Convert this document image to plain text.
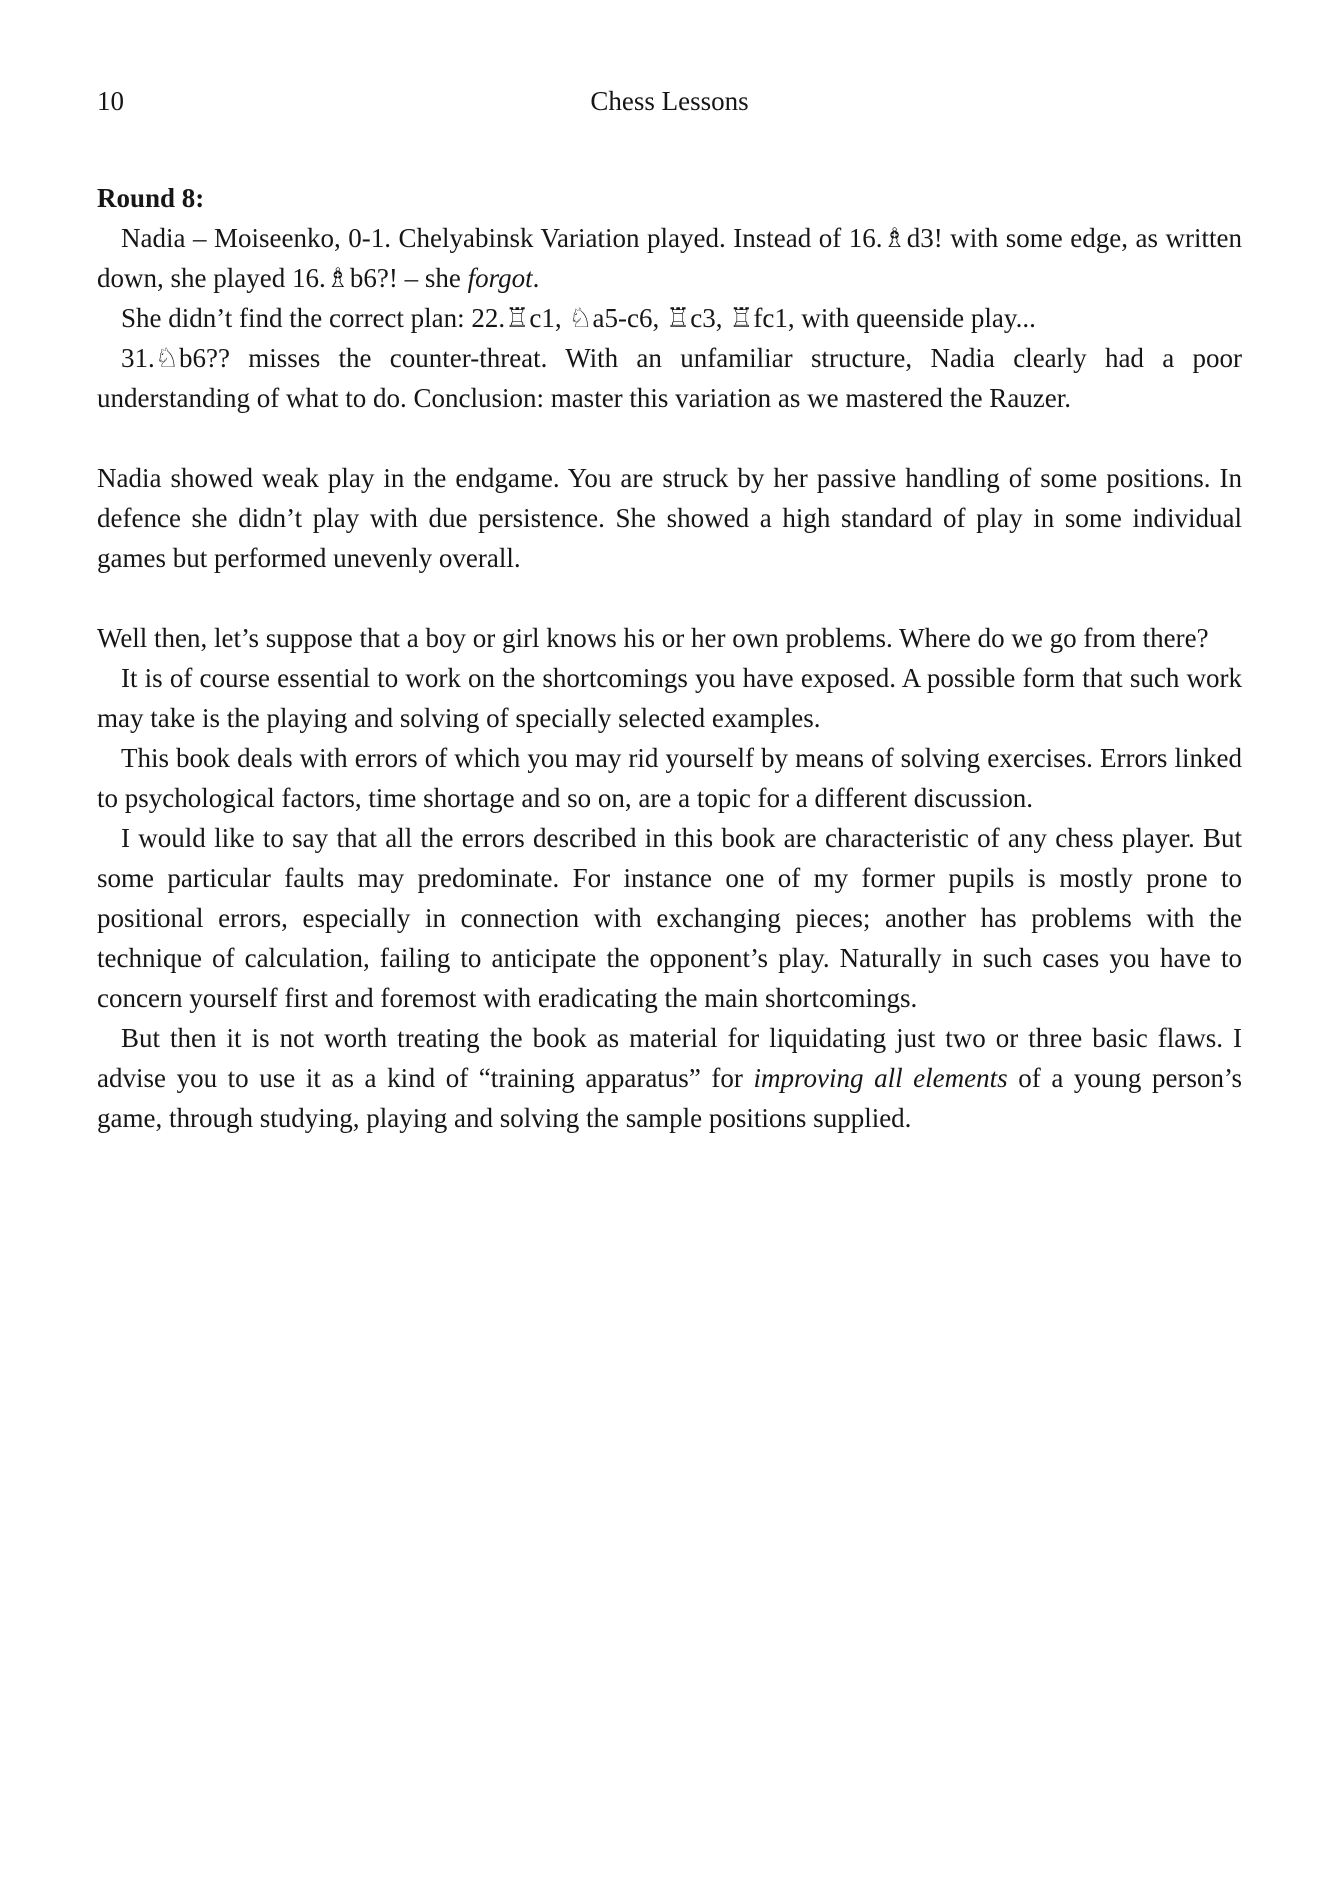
10	Chess Lessons

Round 8:

Nadia – Moiseenko, 0-1. Chelyabinsk Variation played. Instead of 16.♗d3! with some edge, as written down, she played 16.♗b6?! – she forgot.

She didn’t find the correct plan: 22.♖c1, ♘a5-c6, ♖c3, ♖fc1, with queenside play...

31.♘b6?? misses the counter-threat. With an unfamiliar structure, Nadia clearly had a poor understanding of what to do. Conclusion: master this variation as we mastered the Rauzer.

Nadia showed weak play in the endgame. You are struck by her passive handling of some positions. In defence she didn’t play with due persistence. She showed a high standard of play in some individual games but performed unevenly overall.

Well then, let’s suppose that a boy or girl knows his or her own problems. Where do we go from there?

It is of course essential to work on the shortcomings you have exposed. A possible form that such work may take is the playing and solving of specially selected examples.

This book deals with errors of which you may rid yourself by means of solving exercises. Errors linked to psychological factors, time shortage and so on, are a topic for a different discussion.

I would like to say that all the errors described in this book are characteristic of any chess player. But some particular faults may predominate. For instance one of my former pupils is mostly prone to positional errors, especially in connection with exchanging pieces; another has problems with the technique of calculation, failing to anticipate the opponent’s play. Naturally in such cases you have to concern yourself first and foremost with eradicating the main shortcomings.

But then it is not worth treating the book as material for liquidating just two or three basic flaws. I advise you to use it as a kind of “training apparatus” for improving all elements of a young person’s game, through studying, playing and solving the sample positions supplied.
